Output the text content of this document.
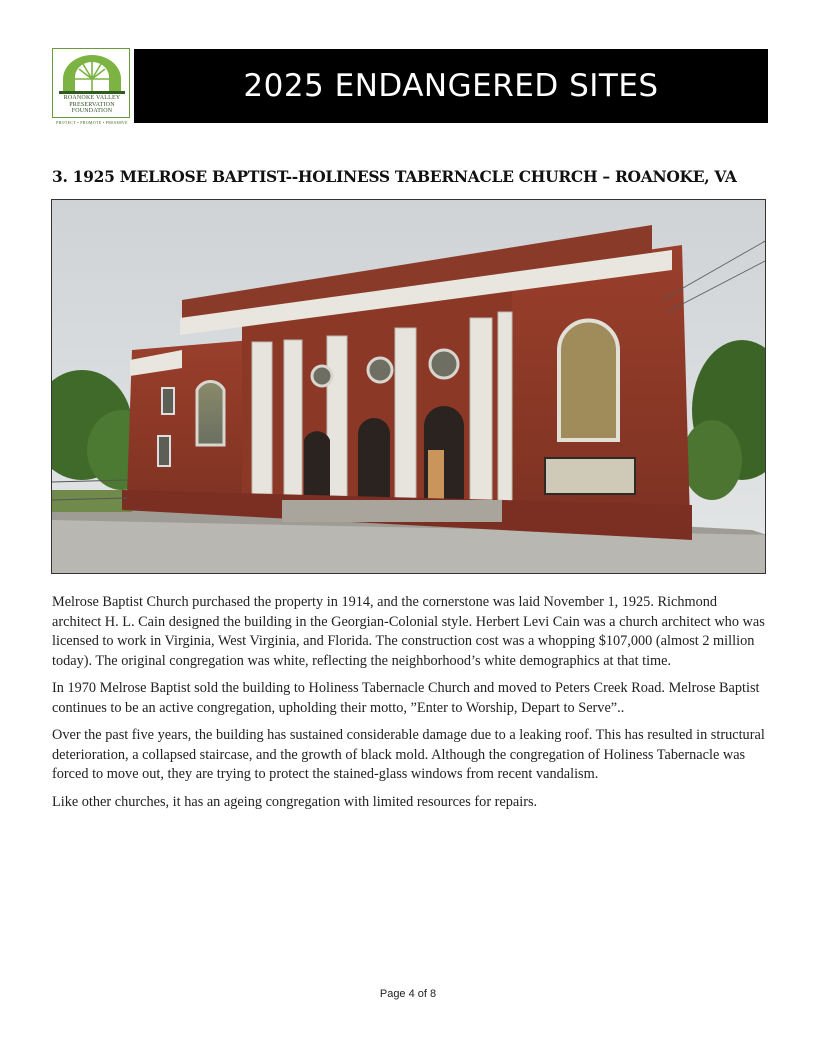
ROANOKE VALLEY
PRESERVATION
FOUNDATION
PROTECT • PROMOTE • PRESERVE
2025 ENDANGERED SITES
3. 1925 MELROSE BAPTIST--HOLINESS TABERNACLE CHURCH – ROANOKE, VA

Melrose Baptist Church purchased the property in 1914, and the cornerstone was laid November 1, 1925. Richmond architect H. L. Cain designed the building in the Georgian-Colonial style. Herbert Levi Cain was a church architect who was licensed to work in Virginia, West Virginia, and Florida. The construction cost was a whopping $107,000 (almost 2 million today). The original congregation was white, reflecting the neighborhood’s white demographics at that time.

In 1970 Melrose Baptist sold the building to Holiness Tabernacle Church and moved to Peters Creek Road. Melrose Baptist continues to be an active congregation, upholding their motto, ”Enter to Worship, Depart to Serve”..

Over the past five years, the building has sustained considerable damage due to a leaking roof. This has resulted in structural deterioration, a collapsed staircase, and the growth of black mold. Although the congregation of Holiness Tabernacle was forced to move out, they are trying to protect the stained-glass windows from recent vandalism.

Like other churches, it has an ageing congregation with limited resources for repairs.

Page 4 of 8
